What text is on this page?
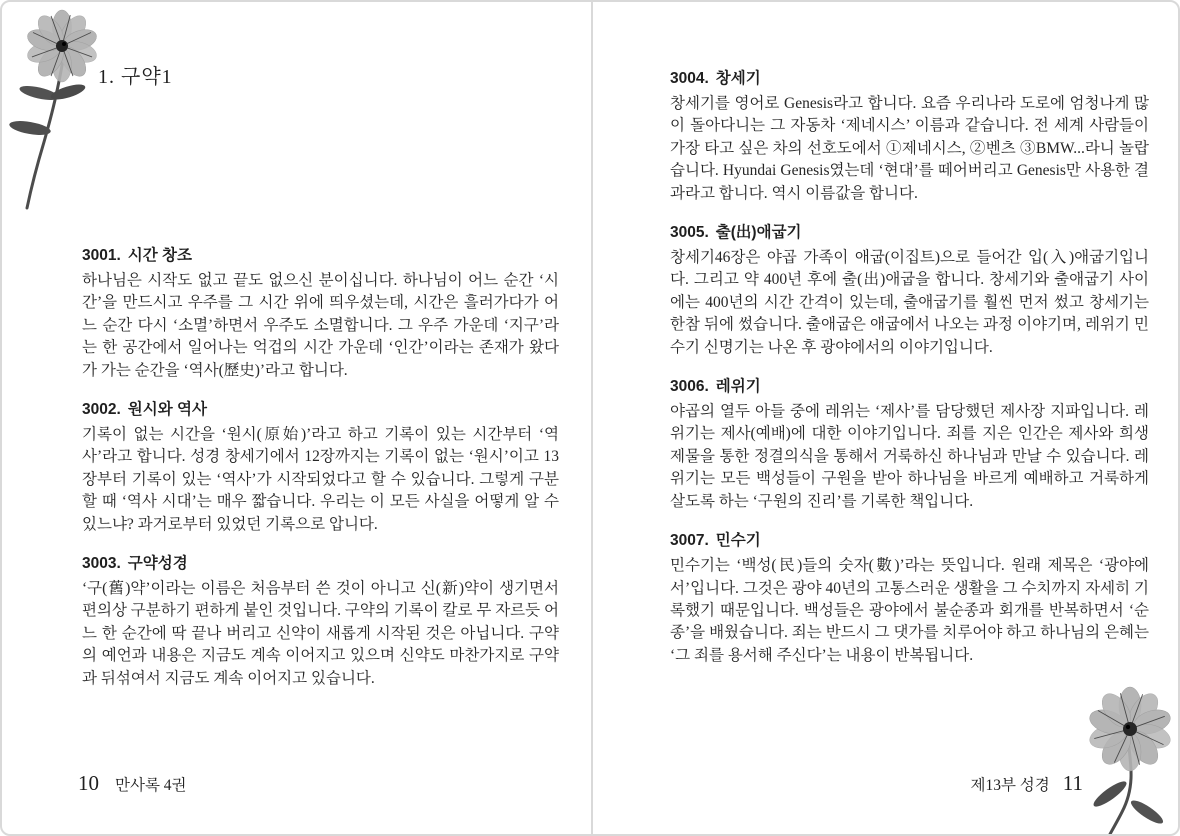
1. 구약1
3001. 시간 창조

하나님은 시작도 없고 끝도 없으신 분이십니다. 하나님이 어느 순간 ‘시간’을 만드시고 우주를 그 시간 위에 띄우셨는데, 시간은 흘러가다가 어느 순간 다시 ‘소멸’하면서 우주도 소멸합니다. 그 우주 가운데 ‘지구’라는 한 공간에서 일어나는 억겁의 시간 가운데 ‘인간’이라는 존재가 왔다가 가는 순간을 ‘역사(歷史)’라고 합니다.

3002. 원시와 역사

기록이 없는 시간을 ‘원시(原始)’라고 하고 기록이 있는 시간부터 ‘역사’라고 합니다. 성경 창세기에서 12장까지는 기록이 없는 ‘원시’이고 13장부터 기록이 있는 ‘역사’가 시작되었다고 할 수 있습니다. 그렇게 구분할 때 ‘역사 시대’는 매우 짧습니다. 우리는 이 모든 사실을 어떻게 알 수 있느냐? 과거로부터 있었던 기록으로 압니다.

3003. 구약성경

‘구(舊)약’이라는 이름은 처음부터 쓴 것이 아니고 신(新)약이 생기면서 편의상 구분하기 편하게 붙인 것입니다. 구약의 기록이 칼로 무 자르듯 어느 한 순간에 딱 끝나 버리고 신약이 새롭게 시작된 것은 아닙니다. 구약의 예언과 내용은 지금도 계속 이어지고 있으며 신약도 마찬가지로 구약과 뒤섞여서 지금도 계속 이어지고 있습니다.

10 만사록 4권
3004. 창세기

창세기를 영어로 Genesis라고 합니다. 요즘 우리나라 도로에 엄청나게 많이 돌아다니는 그 자동차 ‘제네시스’ 이름과 같습니다. 전 세계 사람들이 가장 타고 싶은 차의 선호도에서 ①제네시스, ②벤츠 ③BMW...라니 놀랍습니다. Hyundai Genesis였는데 ‘현대’를 떼어버리고 Genesis만 사용한 결과라고 합니다. 역시 이름값을 합니다.

3005. 출(出)애굽기

창세기46장은 야곱 가족이 애굽(이집트)으로 들어간 입(入)애굽기입니다. 그리고 약 400년 후에 출(出)애굽을 합니다. 창세기와 출애굽기 사이에는 400년의 시간 간격이 있는데, 출애굽기를 훨씬 먼저 썼고 창세기는 한참 뒤에 썼습니다. 출애굽은 애굽에서 나오는 과정 이야기며, 레위기 민수기 신명기는 나온 후 광야에서의 이야기입니다.

3006. 레위기

야곱의 열두 아들 중에 레위는 ‘제사’를 담당했던 제사장 지파입니다. 레위기는 제사(예배)에 대한 이야기입니다. 죄를 지은 인간은 제사와 희생 제물을 통한 정결의식을 통해서 거룩하신 하나님과 만날 수 있습니다. 레위기는 모든 백성들이 구원을 받아 하나님을 바르게 예배하고 거룩하게 살도록 하는 ‘구원의 진리’를 기록한 책입니다.

3007. 민수기

민수기는 ‘백성(民)들의 숫자(數)’라는 뜻입니다. 원래 제목은 ‘광야에서’입니다. 그것은 광야 40년의 고통스러운 생활을 그 수치까지 자세히 기록했기 때문입니다. 백성들은 광야에서 불순종과 회개를 반복하면서 ‘순종’을 배웠습니다. 죄는 반드시 그 댓가를 치루어야 하고 하나님의 은혜는 ‘그 죄를 용서해 주신다’는 내용이 반복됩니다.

제13부 성경 11
